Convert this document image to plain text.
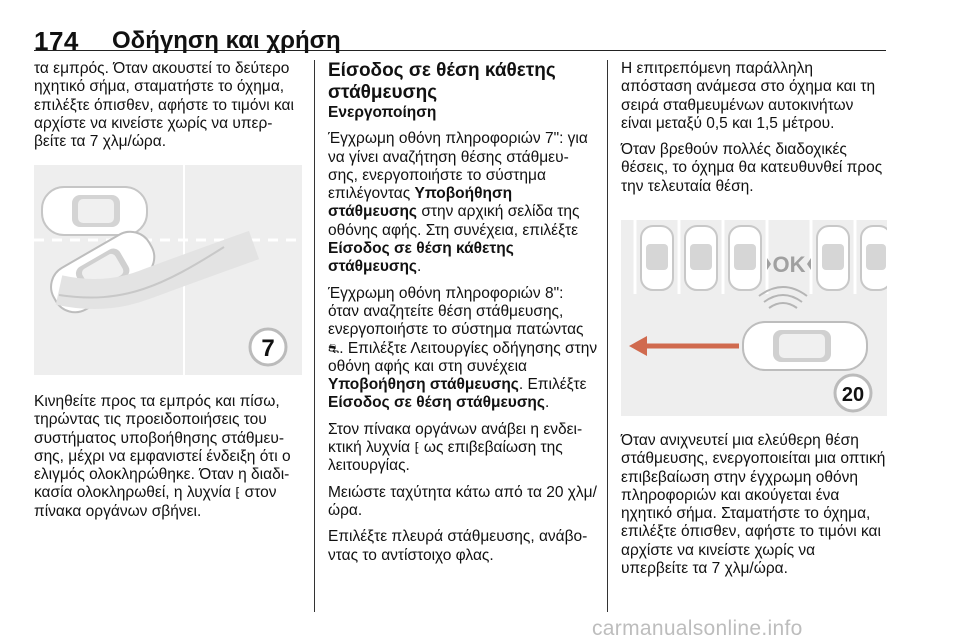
174 Οδήγηση και χρήση

τα εμπρός. Όταν ακουστεί το δεύτερο ηχητικό σήμα, σταματήστε το όχημα, επιλέξτε όπισθεν, αφήστε το τιμόνι και αρχίστε να κινείστε χωρίς να υπερ-βείτε τα 7 χλμ/ώρα.

7

Κινηθείτε προς τα εμπρός και πίσω, τηρώντας τις προειδοποιήσεις του συστήματος υποβοήθησης στάθμευ-σης, μέχρι να εμφανιστεί ένδειξη ότι ο ελιγμός ολοκληρώθηκε. Όταν η διαδι-κασία ολοκληρωθεί, η λυχνία ⁅ στον πίνακα οργάνων σβήνει.

Είσοδος σε θέση κάθετης στάθμευσης

Ενεργοποίηση

Έγχρωμη οθόνη πληροφοριών 7": για να γίνει αναζήτηση θέσης στάθμευ-σης, ενεργοποιήστε το σύστημα επιλέγοντας Υποβοήθηση στάθμευσης στην αρχική σελίδα της οθόνης αφής. Στη συνέχεια, επιλέξτε Είσοδος σε θέση κάθετης στάθμευσης.

Έγχρωμη οθόνη πληροφοριών 8": όταν αναζητείτε θέση στάθμευσης, ενεργοποιήστε το σύστημα πατώντας ⛐. Επιλέξτε Λειτουργίες οδήγησης στην οθόνη αφής και στη συνέχεια Υποβοήθηση στάθμευσης. Επιλέξτε Είσοδος σε θέση στάθμευσης.

Στον πίνακα οργάνων ανάβει η ενδει-κτική λυχνία ⁅ ως επιβεβαίωση της λειτουργίας.

Μειώστε ταχύτητα κάτω από τα 20 χλμ/ώρα.

Επιλέξτε πλευρά στάθμευσης, ανάβο-ντας το αντίστοιχο φλας.

Η επιτρεπόμενη παράλληλη απόσταση ανάμεσα στο όχημα και τη σειρά σταθμευμένων αυτοκινήτων είναι μεταξύ 0,5 και 1,5 μέτρου.

Όταν βρεθούν πολλές διαδοχικές θέσεις, το όχημα θα κατευθυνθεί προς την τελευταία θέση.

OK
20

Όταν ανιχνευτεί μια ελεύθερη θέση στάθμευσης, ενεργοποιείται μια οπτική επιβεβαίωση στην έγχρωμη οθόνη πληροφοριών και ακούγεται ένα ηχητικό σήμα. Σταματήστε το όχημα, επιλέξτε όπισθεν, αφήστε το τιμόνι και αρχίστε να κινείστε χωρίς να υπερβείτε τα 7 χλμ/ώρα.

carmanualsonline.info
